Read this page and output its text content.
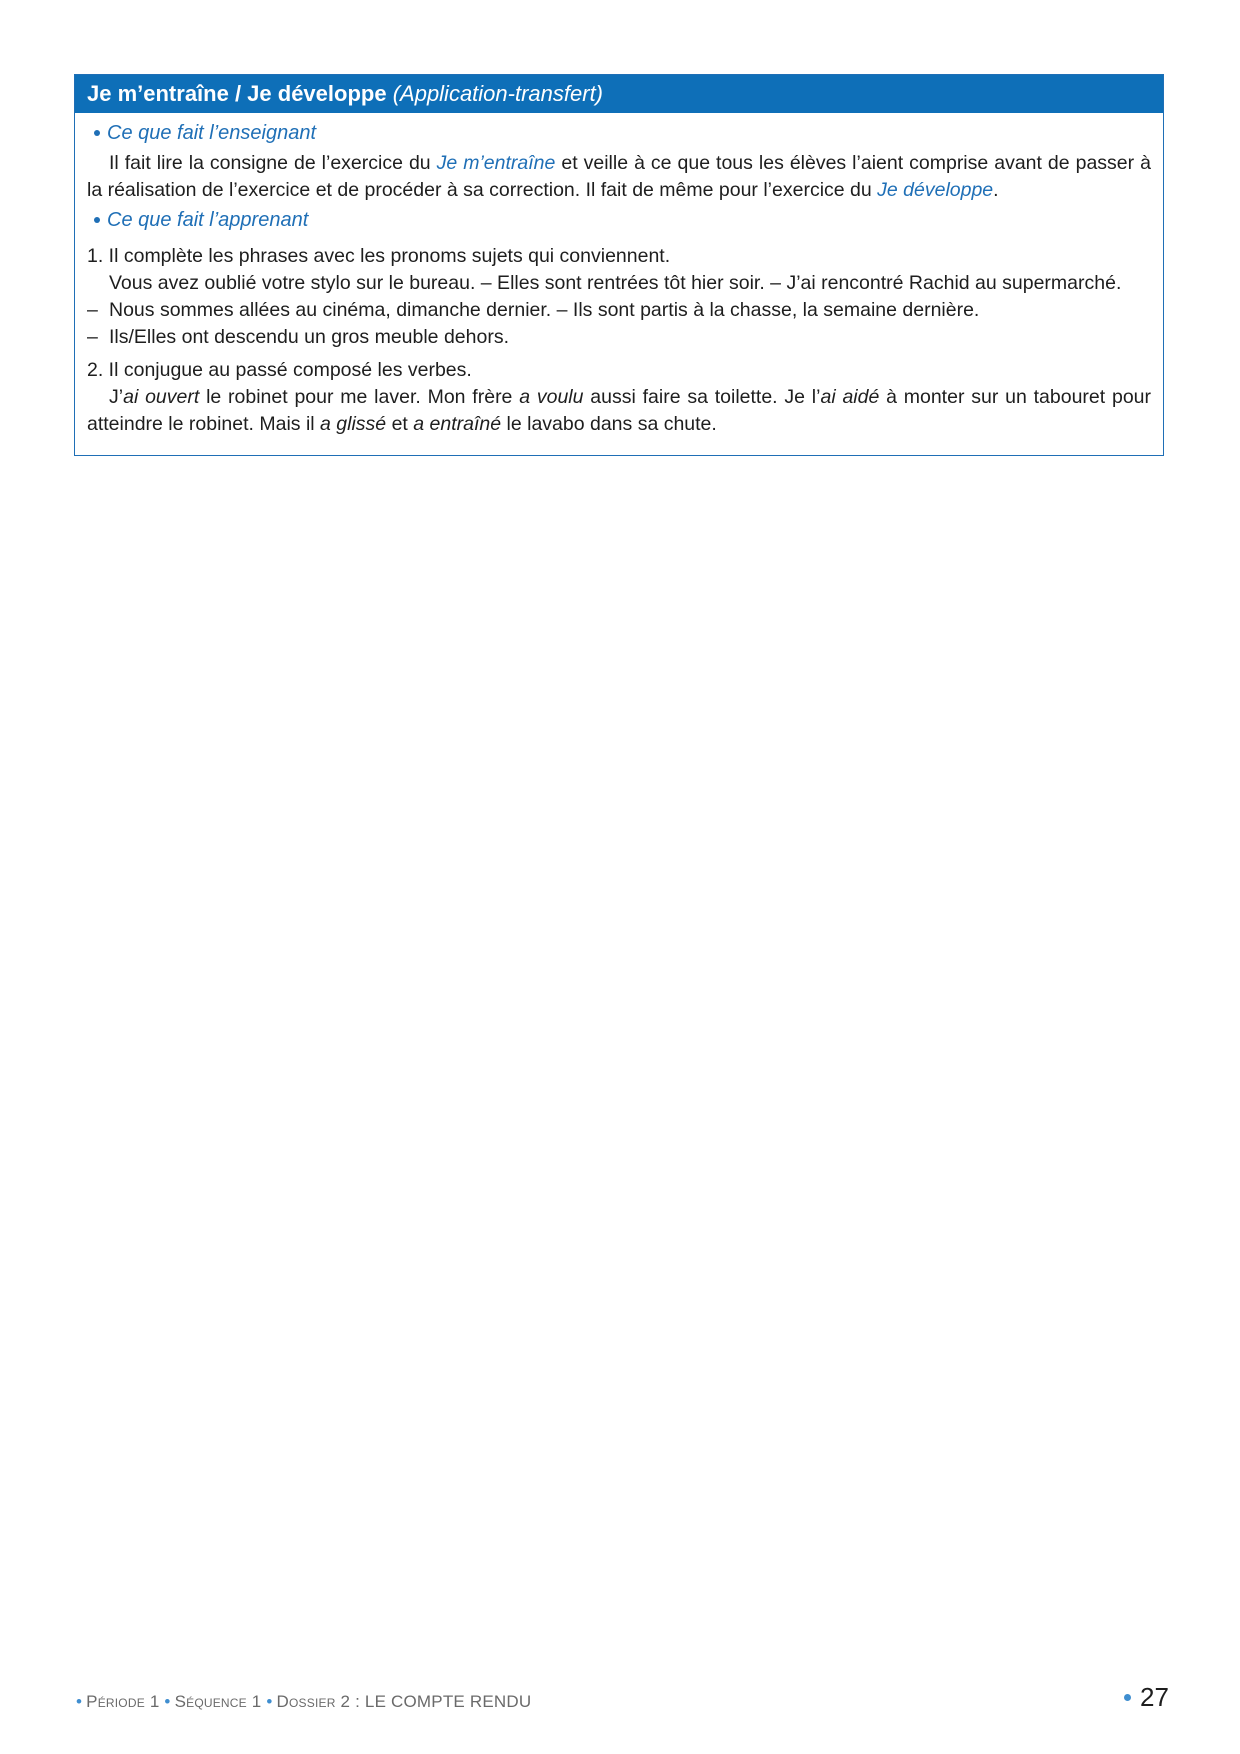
Je m’entraîne / Je développe (Application-transfert)
Ce que fait l’enseignant
Il fait lire la consigne de l’exercice du Je m’entraîne et veille à ce que tous les élèves l’aient comprise avant de passer à la réalisation de l’exercice et de procéder à sa correction. Il fait de même pour l’exercice du Je développe.
Ce que fait l’apprenant
1. Il complète les phrases avec les pronoms sujets qui conviennent.
Vous avez oublié votre stylo sur le bureau. – Elles sont rentrées tôt hier soir. – J’ai rencontré Rachid au supermarché.
– Nous sommes allées au cinéma, dimanche dernier. – Ils sont partis à la chasse, la semaine dernière.
– Ils/Elles ont descendu un gros meuble dehors.
2. Il conjugue au passé composé les verbes.
J’ai ouvert le robinet pour me laver. Mon frère a voulu aussi faire sa toilette. Je l’ai aidé à monter sur un tabouret pour atteindre le robinet. Mais il a glissé et a entraîné le lavabo dans sa chute.
• Période 1 • Séquence 1 • Dossier 2 : LE COMPTE RENDU	27
